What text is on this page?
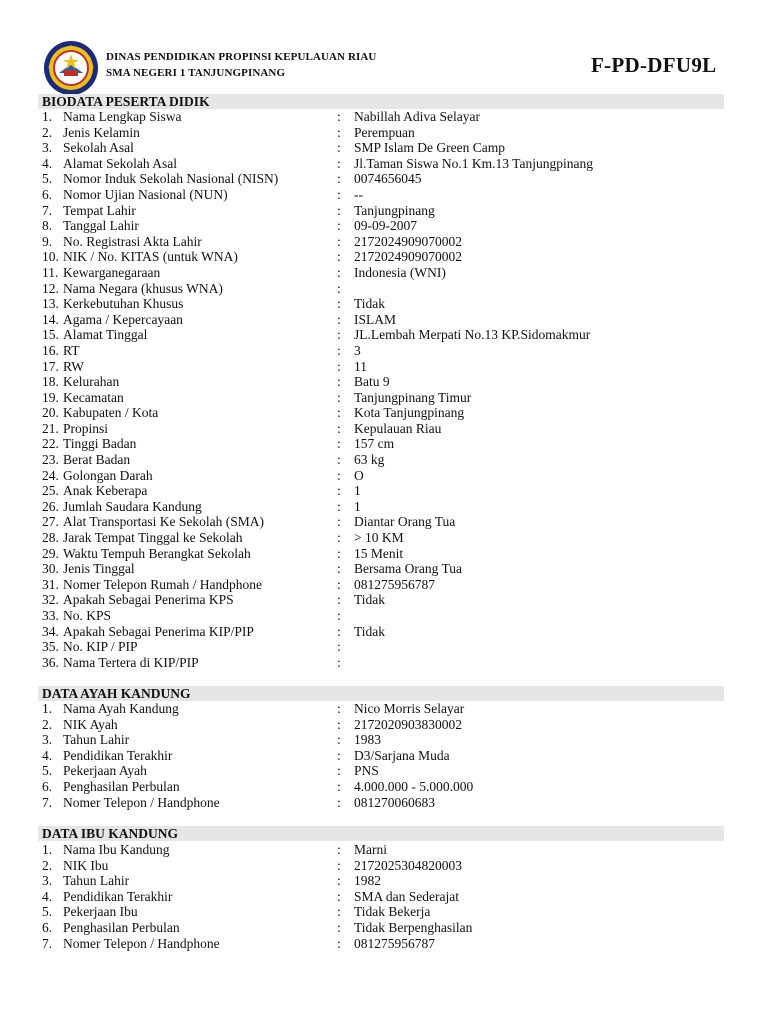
DINAS PENDIDIKAN PROPINSI KEPULAUAN RIAU
SMA NEGERI 1 TANJUNGPINANG	F-PD-DFU9L
BIODATA PESERTA DIDIK
1. Nama Lengkap Siswa	: Nabillah Adiva Selayar
2. Jenis Kelamin	: Perempuan
3. Sekolah Asal	: SMP Islam De Green Camp
4. Alamat Sekolah Asal	: Jl.Taman Siswa No.1 Km.13 Tanjungpinang
5. Nomor Induk Sekolah Nasional (NISN)	: 0074656045
6. Nomor Ujian Nasional (NUN)	: --
7. Tempat Lahir	: Tanjungpinang
8. Tanggal Lahir	: 09-09-2007
9. No. Registrasi Akta Lahir	: 2172024909070002
10. NIK / No. KITAS (untuk WNA)	: 2172024909070002
11. Kewarganegaraan	: Indonesia (WNI)
12. Nama Negara (khusus WNA)	:
13. Kerkebutuhan Khusus	: Tidak
14. Agama / Kepercayaan	: ISLAM
15. Alamat Tinggal	: JL.Lembah Merpati No.13 KP.Sidomakmur
16. RT	: 3
17. RW	: 11
18. Kelurahan	: Batu 9
19. Kecamatan	: Tanjungpinang Timur
20. Kabupaten / Kota	: Kota Tanjungpinang
21. Propinsi	: Kepulauan Riau
22. Tinggi Badan	: 157 cm
23. Berat Badan	: 63 kg
24. Golongan Darah	: O
25. Anak Keberapa	: 1
26. Jumlah Saudara Kandung	: 1
27. Alat Transportasi Ke Sekolah (SMA)	: Diantar Orang Tua
28. Jarak Tempat Tinggal ke Sekolah	: > 10 KM
29. Waktu Tempuh Berangkat Sekolah	: 15 Menit
30. Jenis Tinggal	: Bersama Orang Tua
31. Nomer Telepon Rumah / Handphone	: 081275956787
32. Apakah Sebagai Penerima KPS	: Tidak
33. No. KPS	:
34. Apakah Sebagai Penerima KIP/PIP	: Tidak
35. No. KIP / PIP	:
36. Nama Tertera di KIP/PIP	:
DATA AYAH KANDUNG
1. Nama Ayah Kandung	: Nico Morris Selayar
2. NIK Ayah	: 2172020903830002
3. Tahun Lahir	: 1983
4. Pendidikan Terakhir	: D3/Sarjana Muda
5. Pekerjaan Ayah	: PNS
6. Penghasilan Perbulan	: 4.000.000 - 5.000.000
7. Nomer Telepon / Handphone	: 081270060683
DATA IBU KANDUNG
1. Nama Ibu Kandung	: Marni
2. NIK Ibu	: 2172025304820003
3. Tahun Lahir	: 1982
4. Pendidikan Terakhir	: SMA dan Sederajat
5. Pekerjaan Ibu	: Tidak Bekerja
6. Penghasilan Perbulan	: Tidak Berpenghasilan
7. Nomer Telepon / Handphone	: 081275956787
